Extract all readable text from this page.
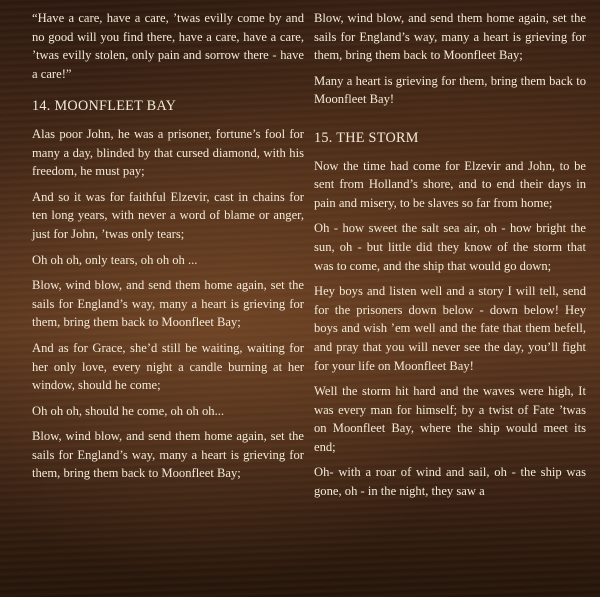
“Have a care, have a care, ’twas evilly come by and no good will you find there, have a care, have a care, ’twas evilly stolen, only pain and sorrow there - have a care!”

14. MOONFLEET BAY

Alas poor John, he was a prisoner, fortune’s fool for many a day, blinded by that cursed diamond, with his freedom, he must pay;

And so it was for faithful Elzevir, cast in chains for ten long years, with never a word of blame or anger, just for John, ’twas only tears;

Oh oh oh, only tears, oh oh oh ...

Blow, wind blow, and send them home again, set the sails for England’s way, many a heart is grieving for them, bring them back to Moonfleet Bay;

And as for Grace, she’d still be waiting, waiting for her only love, every night a candle burning at her window, should he come;

Oh oh oh, should he come, oh oh oh...

Blow, wind blow, and send them home again, set the sails for England’s way, many a heart is grieving for them, bring them back to Moonfleet Bay;

Blow, wind blow, and send them home again, set the sails for England’s way, many a heart is grieving for them, bring them back to Moonfleet Bay;

Many a heart is grieving for them, bring them back to Moonfleet Bay!

15. THE STORM

Now the time had come for Elzevir and John, to be sent from Holland’s shore, and to end their days in pain and misery, to be slaves so far from home;

Oh - how sweet the salt sea air, oh - how bright the sun, oh - but little did they know of the storm that was to come, and the ship that would go down;

Hey boys and listen well and a story I will tell, send for the prisoners down below - down below! Hey boys and wish ’em well and the fate that them befell, and pray that you will never see the day, you’ll fight for your life on Moonfleet Bay!

Well the storm hit hard and the waves were high, It was every man for himself; by a twist of Fate ’twas on Moonfleet Bay, where the ship would meet its end;

Oh- with a roar of wind and sail, oh - the ship was gone, oh - in the night, they saw a
